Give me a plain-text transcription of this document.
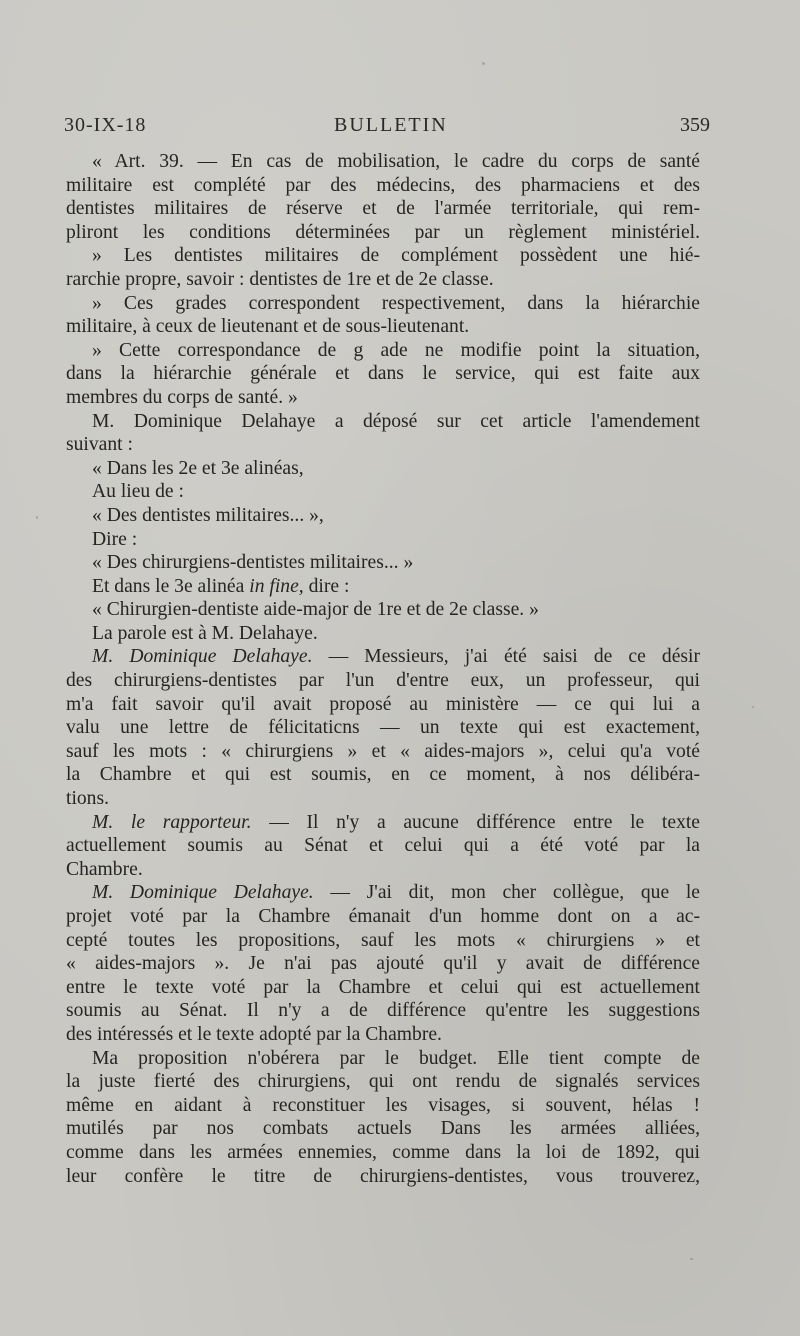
30-IX-18	BULLETIN	359
« Art. 39. — En cas de mobilisation, le cadre du corps de santé
militaire est complété par des médecins, des pharmaciens et des
dentistes militaires de réserve et de l'armée territoriale, qui rem-
pliront les conditions déterminées par un règlement ministériel.
» Les dentistes militaires de complément possèdent une hié-
rarchie propre, savoir : dentistes de 1re et de 2e classe.
» Ces grades correspondent respectivement, dans la hiérarchie
militaire, à ceux de lieutenant et de sous-lieutenant.
» Cette correspondance de g ade ne modifie point la situation,
dans la hiérarchie générale et dans le service, qui est faite aux
membres du corps de santé. »
M. Dominique Delahaye a déposé sur cet article l'amendement
suivant :
« Dans les 2e et 3e alinéas,
Au lieu de :
« Des dentistes militaires... »,
Dire :
« Des chirurgiens-dentistes militaires... »
Et dans le 3e alinéa in fine, dire :
« Chirurgien-dentiste aide-major de 1re et de 2e classe. »
La parole est à M. Delahaye.
M. Dominique Delahaye. — Messieurs, j'ai été saisi de ce désir
des chirurgiens-dentistes par l'un d'entre eux, un professeur, qui
m'a fait savoir qu'il avait proposé au ministère — ce qui lui a
valu une lettre de félicitaticns — un texte qui est exactement,
sauf les mots : « chirurgiens » et « aides-majors », celui qu'a voté
la Chambre et qui est soumis, en ce moment, à nos délibéra-
tions.
M. le rapporteur. — Il n'y a aucune différence entre le texte
actuellement soumis au Sénat et celui qui a été voté par la
Chambre.
M. Dominique Delahaye. — J'ai dit, mon cher collègue, que le
projet voté par la Chambre émanait d'un homme dont on a ac-
cepté toutes les propositions, sauf les mots « chirurgiens » et
« aides-majors ». Je n'ai pas ajouté qu'il y avait de différence
entre le texte voté par la Chambre et celui qui est actuellement
soumis au Sénat. Il n'y a de différence qu'entre les suggestions
des intéressés et le texte adopté par la Chambre.
Ma proposition n'obérera par le budget. Elle tient compte de
la juste fierté des chirurgiens, qui ont rendu de signalés services
même en aidant à reconstituer les visages, si souvent, hélas !
mutilés par nos combats actuels Dans les armées alliées,
comme dans les armées ennemies, comme dans la loi de 1892, qui
leur confère le titre de chirurgiens-dentistes, vous trouverez,
